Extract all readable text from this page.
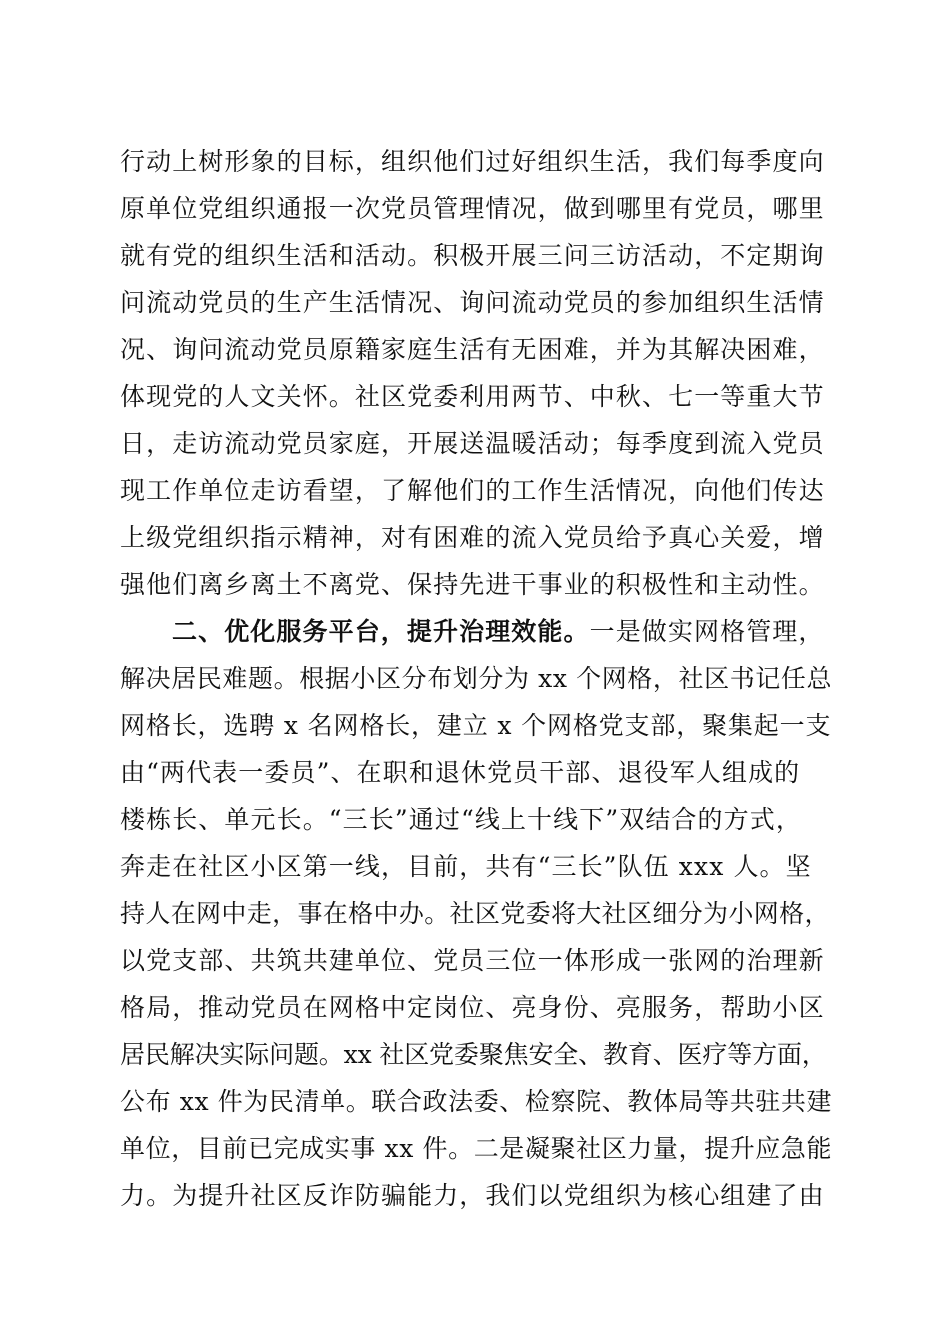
行动上树形象的目标，组织他们过好组织生活，我们每季度向
原单位党组织通报一次党员管理情况，做到哪里有党员，哪里
就有党的组织生活和活动。积极开展三问三访活动，不定期询
问流动党员的生产生活情况、询问流动党员的参加组织生活情
况、询问流动党员原籍家庭生活有无困难，并为其解决困难，
体现党的人文关怀。社区党委利用两节、中秋、七一等重大节
日，走访流动党员家庭，开展送温暖活动；每季度到流入党员
现工作单位走访看望，了解他们的工作生活情况，向他们传达
上级党组织指示精神，对有困难的流入党员给予真心关爱，增
强他们离乡离土不离党、保持先进干事业的积极性和主动性。
二、优化服务平台，提升治理效能。一是做实网格管理，
解决居民难题。根据小区分布划分为 xx 个网格，社区书记任总
网格长，选聘 x 名网格长，建立 x 个网格党支部，聚集起一支
由“两代表一委员”、在职和退休党员干部、退役军人组成的
楼栋长、单元长。“三长”通过“线上十线下”双结合的方式，
奔走在社区小区第一线，目前，共有“三长”队伍 xxx 人。坚
持人在网中走，事在格中办。社区党委将大社区细分为小网格，
以党支部、共筑共建单位、党员三位一体形成一张网的治理新
格局，推动党员在网格中定岗位、亮身份、亮服务，帮助小区
居民解决实际问题。xx 社区党委聚焦安全、教育、医疗等方面，
公布 xx 件为民清单。联合政法委、检察院、教体局等共驻共建
单位，目前已完成实事 xx 件。二是凝聚社区力量，提升应急能
力。为提升社区反诈防骗能力，我们以党组织为核心组建了由
